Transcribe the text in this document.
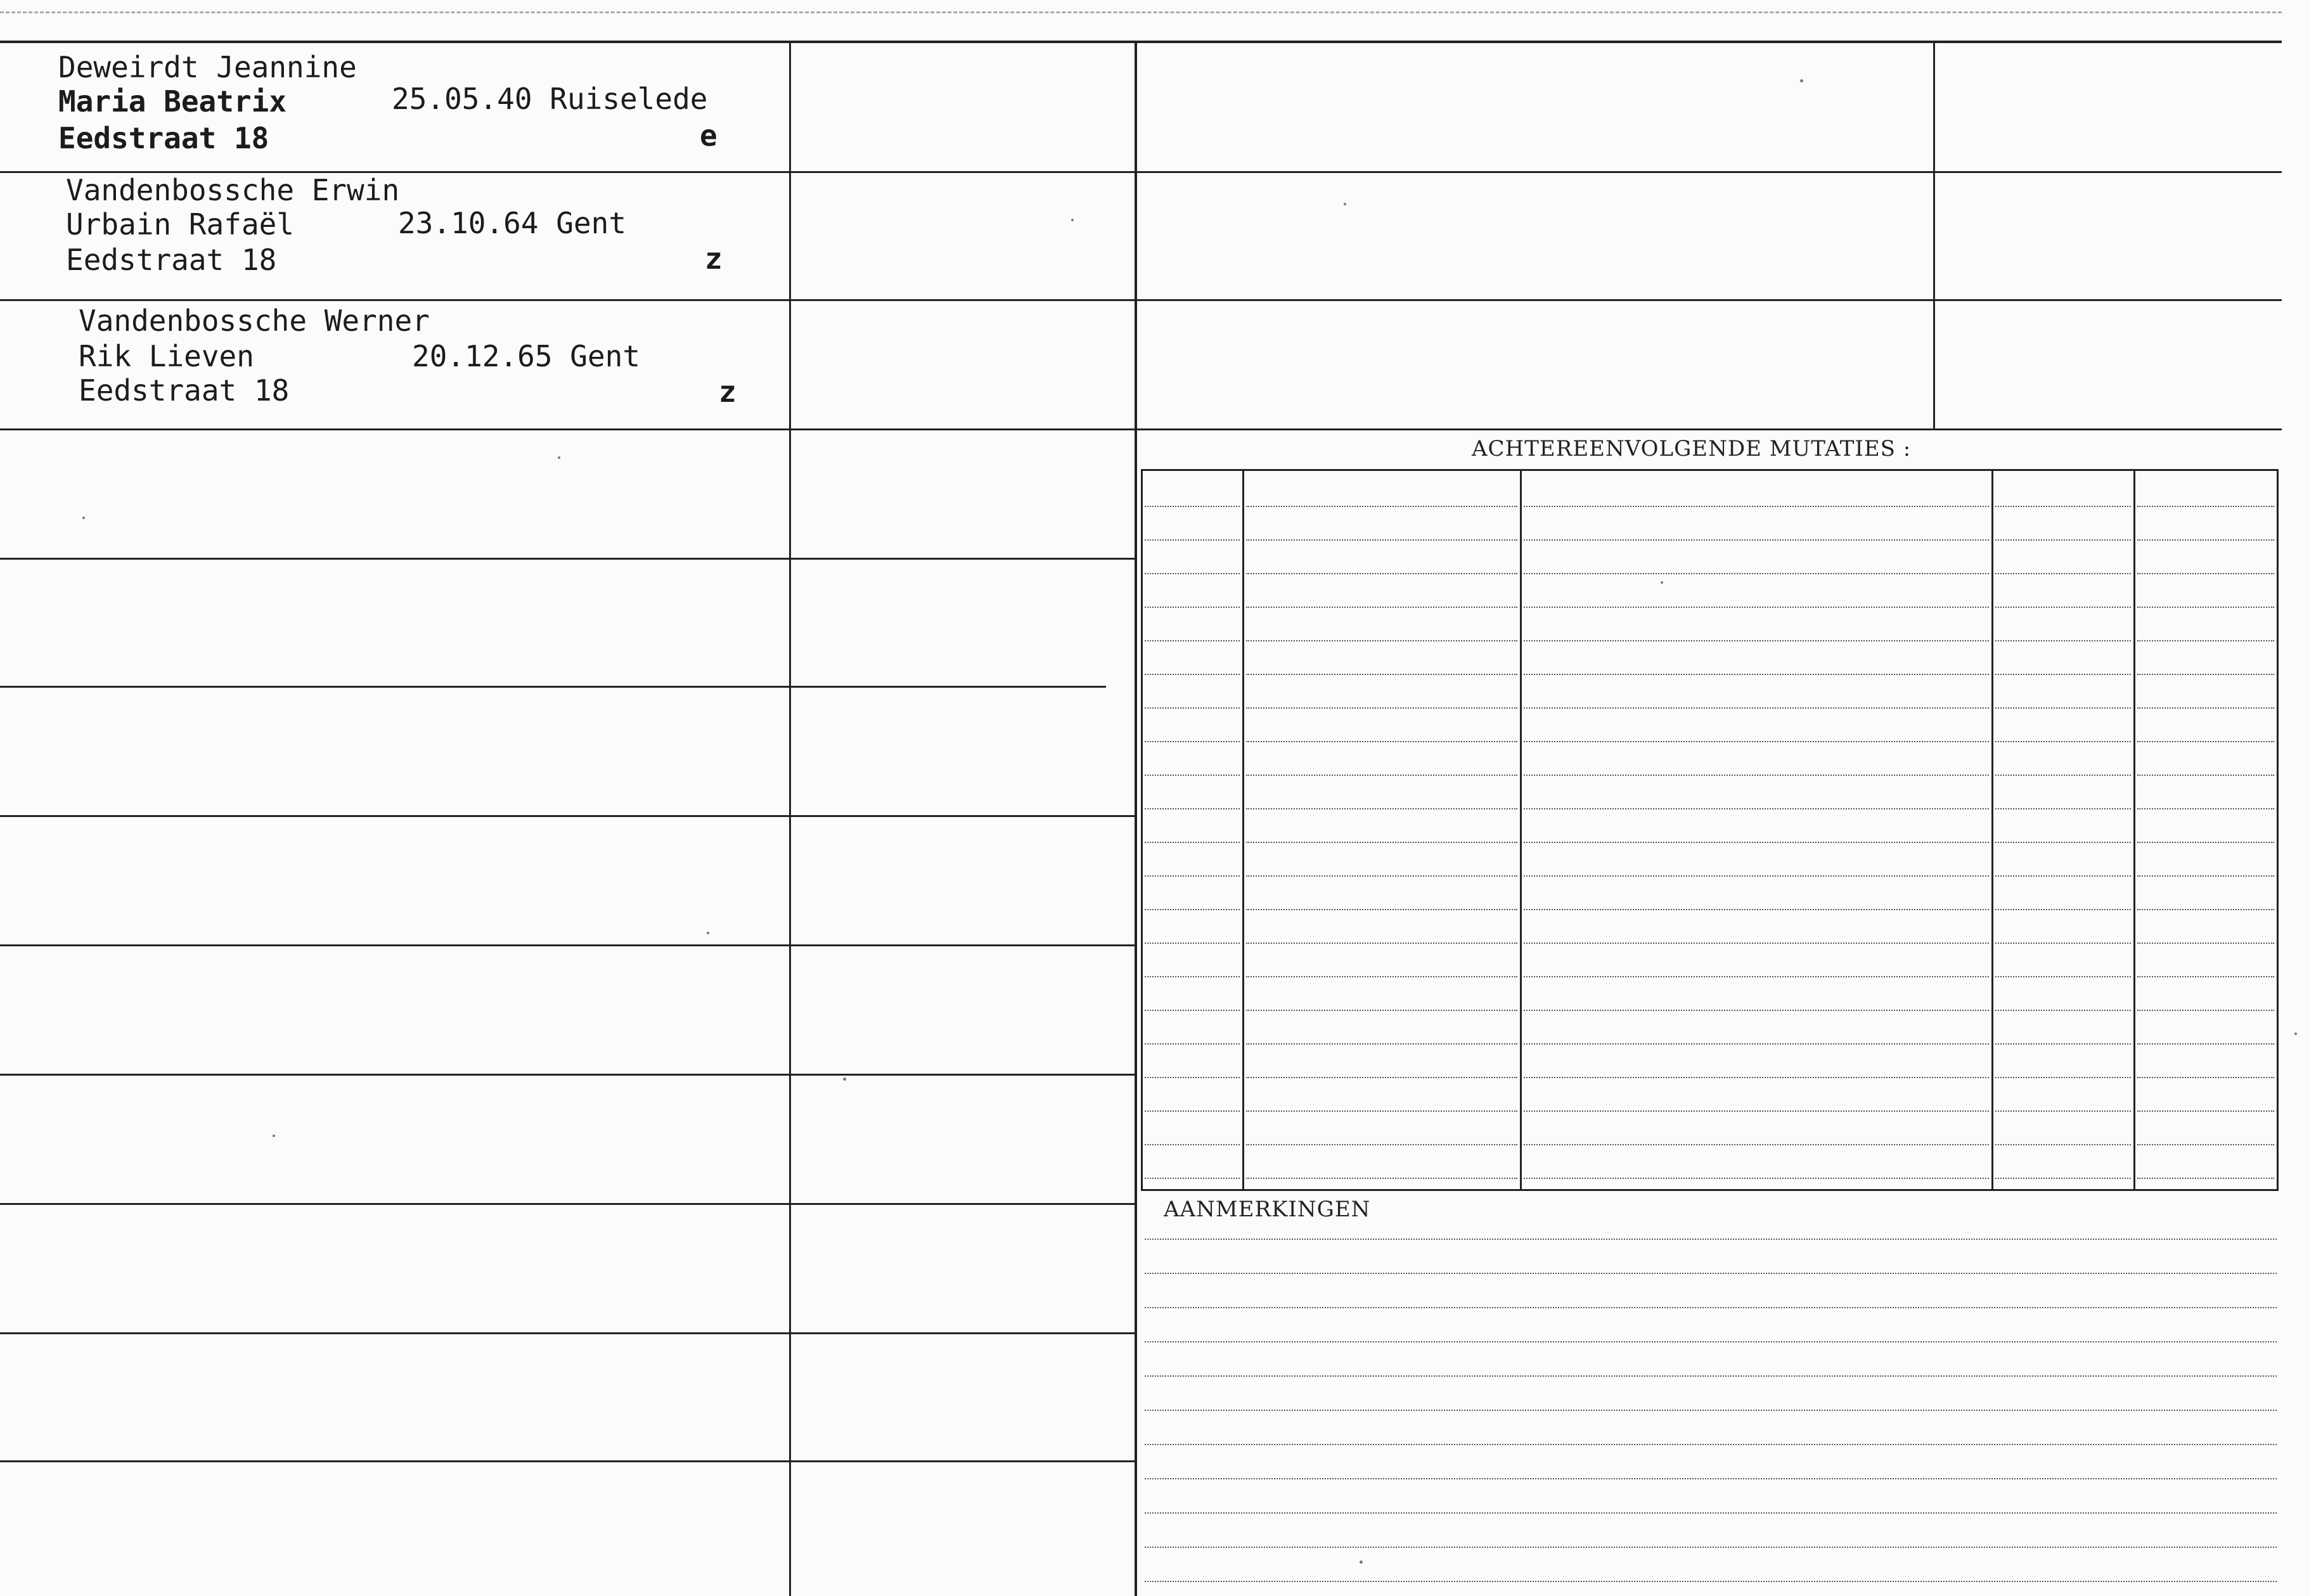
Deweirdt Jeannine
Maria Beatrix	25.05.40 Ruiselede
Eedstraat 18	e
Vandenbossche Erwin
Urbain Rafaël	23.10.64 Gent
Eedstraat 18	z
Vandenbossche Werner
Rik Lieven	20.12.65 Gent
Eedstraat 18	z
ACHTEREENVOLGENDE MUTATIES :
AANMERKINGEN
